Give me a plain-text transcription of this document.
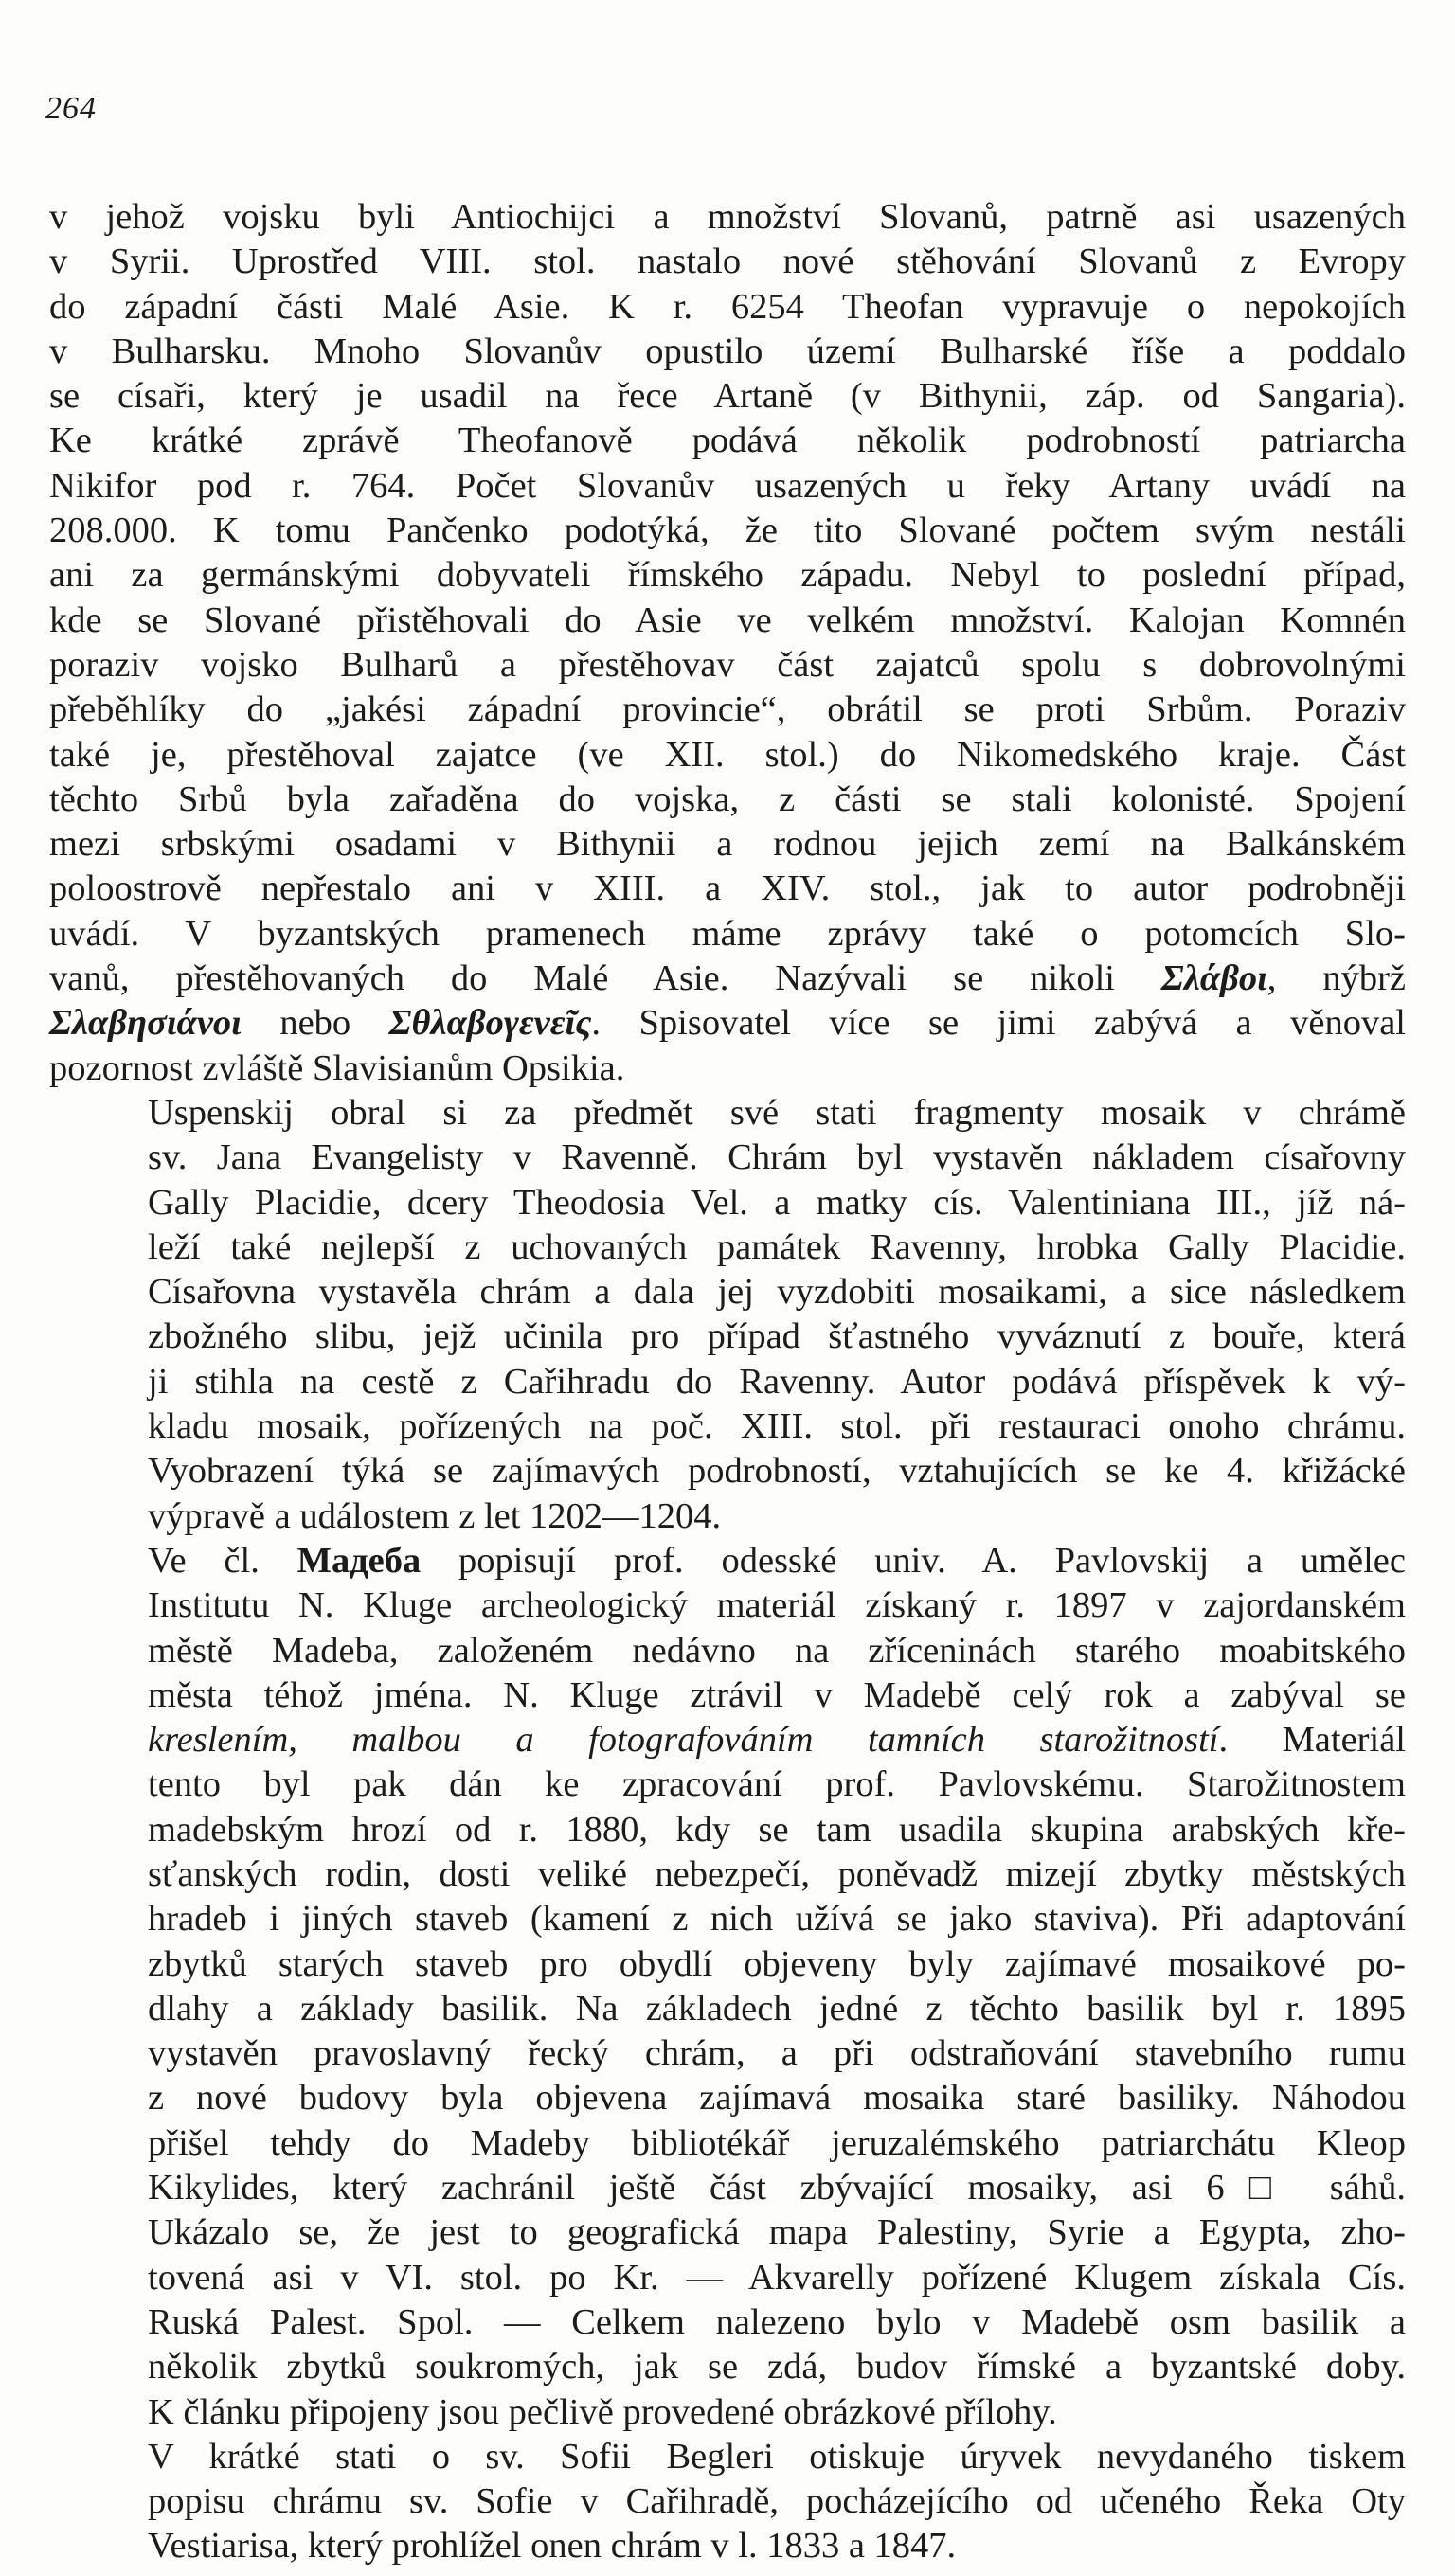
264

v jehož vojsku byli Antiochijci a množství Slovanů, patrně asi usazených
v Syrii. Uprostřed VIII. stol. nastalo nové stěhování Slovanů z Evropy
do západní části Malé Asie. K r. 6254 Theofan vypravuje o nepokojích
v Bulharsku. Mnoho Slovanův opustilo území Bulharské říše a poddalo
se císaři, který je usadil na řece Artaně (v Bithynii, záp. od Sangaria).
Ke krátké zprávě Theofanově podává několik podrobností patriarcha
Nikifor pod r. 764. Počet Slovanův usazených u řeky Artany uvádí na
208.000. K tomu Pančenko podotýká, že tito Slované počtem svým nestáli
ani za germánskými dobyvateli římského západu. Nebyl to poslední případ,
kde se Slované přistěhovali do Asie ve velkém množství. Kalojan Komnén
poraziv vojsko Bulharů a přestěhovav část zajatců spolu s dobrovolnými
přeběhlíky do „jakési západní provincie“, obrátil se proti Srbům. Poraziv
také je, přestěhoval zajatce (ve XII. stol.) do Nikomedského kraje. Část
těchto Srbů byla zařaděna do vojska, z části se stali kolonisté. Spojení
mezi srbskými osadami v Bithynii a rodnou jejich zemí na Balkánském
poloostrově nepřestalo ani v XIII. a XIV. stol., jak to autor podrobněji
uvádí. V byzantských pramenech máme zprávy také o potomcích Slo-
vanů, přestěhovaných do Malé Asie. Nazývali se nikoli Σλάβοι, nýbrž
Σλαβησιάνοι nebo Σθλαβογενεῖς. Spisovatel více se jimi zabývá a věnoval
pozornost zvláště Slavisianům Opsikia.

Uspenskij obral si za předmět své stati fragmenty mosaik v chrámě
sv. Jana Evangelisty v Ravenně. Chrám byl vystavěn nákladem císařovny
Gally Placidie, dcery Theodosia Vel. a matky cís. Valentiniana III., jíž ná-
leží také nejlepší z uchovaných památek Ravenny, hrobka Gally Placidie.
Císařovna vystavěla chrám a dala jej vyzdobiti mosaikami, a sice následkem
zbožného slibu, jejž učinila pro případ šťastného vyváznutí z bouře, která
ji stihla na cestě z Cařihradu do Ravenny. Autor podává příspěvek k vý-
kladu mosaik, pořízených na poč. XIII. stol. při restauraci onoho chrámu.
Vyobrazení týká se zajímavých podrobností, vztahujících se ke 4. křižácké
výpravě a událostem z let 1202—1204.

Ve čl. Мадеба popisují prof. odesské univ. A. Pavlovskij a umělec
Institutu N. Kluge archeologický materiál získaný r. 1897 v zajordanském
městě Madeba, založeném nedávno na zříceninách starého moabitského
města téhož jména. N. Kluge ztrávil v Madebě celý rok a zabýval se
kreslením, malbou a fotografováním tamních starožitností. Materiál
tento byl pak dán ke zpracování prof. Pavlovskému. Starožitnostem
madebským hrozí od r. 1880, kdy se tam usadila skupina arabských kře-
sťanských rodin, dosti veliké nebezpečí, poněvadž mizejí zbytky městských
hradeb i jiných staveb (kamení z nich užívá se jako staviva). Při adaptování
zbytků starých staveb pro obydlí objeveny byly zajímavé mosaikové po-
dlahy a základy basilik. Na základech jedné z těchto basilik byl r. 1895
vystavěn pravoslavný řecký chrám, a při odstraňování stavebního rumu
z nové budovy byla objevena zajímavá mosaika staré basiliky. Náhodou
přišel tehdy do Madeby bibliotékář jeruzalémského patriarchátu Kleop
Kikylides, který zachránil ještě část zbývající mosaiky, asi 6□ sáhů.
Ukázalo se, že jest to geografická mapa Palestiny, Syrie a Egypta, zho-
tovená asi v VI. stol. po Kr. — Akvarelly pořízené Klugem získala Cís.
Ruská Palest. Spol. — Celkem nalezeno bylo v Madebě osm basilik a
několik zbytků soukromých, jak se zdá, budov římské a byzantské doby.
K článku připojeny jsou pečlivě provedené obrázkové přílohy.

V krátké stati o sv. Sofii Begleri otiskuje úryvek nevydaného tiskem
popisu chrámu sv. Sofie v Cařihradě, pocházejícího od učeného Řeka Oty
Vestiarisa, který prohlížel onen chrám v l. 1833 a 1847.
